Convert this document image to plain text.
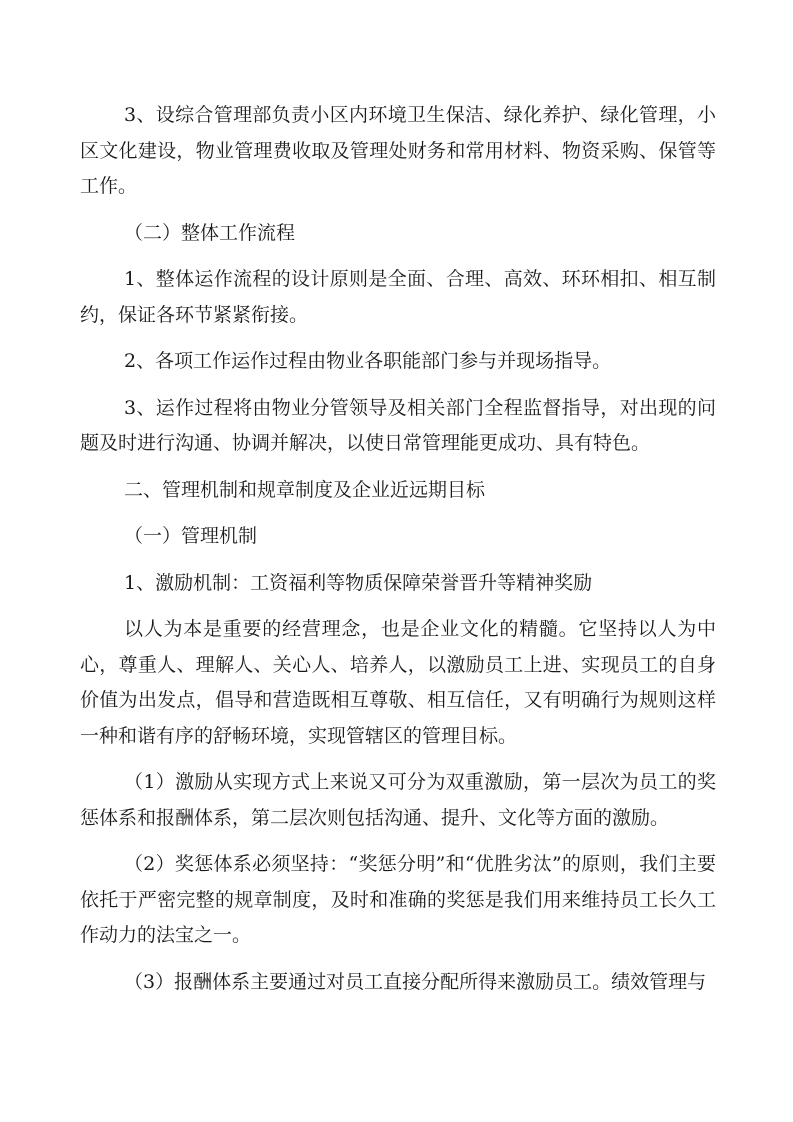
3、设综合管理部负责小区内环境卫生保洁、绿化养护、绿化管理，小区文化建设，物业管理费收取及管理处财务和常用材料、物资采购、保管等工作。

（二）整体工作流程

1、整体运作流程的设计原则是全面、合理、高效、环环相扣、相互制约，保证各环节紧紧衔接。

2、各项工作运作过程由物业各职能部门参与并现场指导。

3、运作过程将由物业分管领导及相关部门全程监督指导，对出现的问题及时进行沟通、协调并解决，以使日常管理能更成功、具有特色。

二、管理机制和规章制度及企业近远期目标

（一）管理机制

1、激励机制：工资福利等物质保障荣誉晋升等精神奖励

以人为本是重要的经营理念，也是企业文化的精髓。它坚持以人为中心，尊重人、理解人、关心人、培养人，以激励员工上进、实现员工的自身价值为出发点，倡导和营造既相互尊敬、相互信任，又有明确行为规则这样一种和谐有序的舒畅环境，实现管辖区的管理目标。

（1）激励从实现方式上来说又可分为双重激励，第一层次为员工的奖惩体系和报酬体系，第二层次则包括沟通、提升、文化等方面的激励。

（2）奖惩体系必须坚持：“奖惩分明”和“优胜劣汰”的原则，我们主要依托于严密完整的规章制度，及时和准确的奖惩是我们用来维持员工长久工作动力的法宝之一。

（3）报酬体系主要通过对员工直接分配所得来激励员工。绩效管理与
